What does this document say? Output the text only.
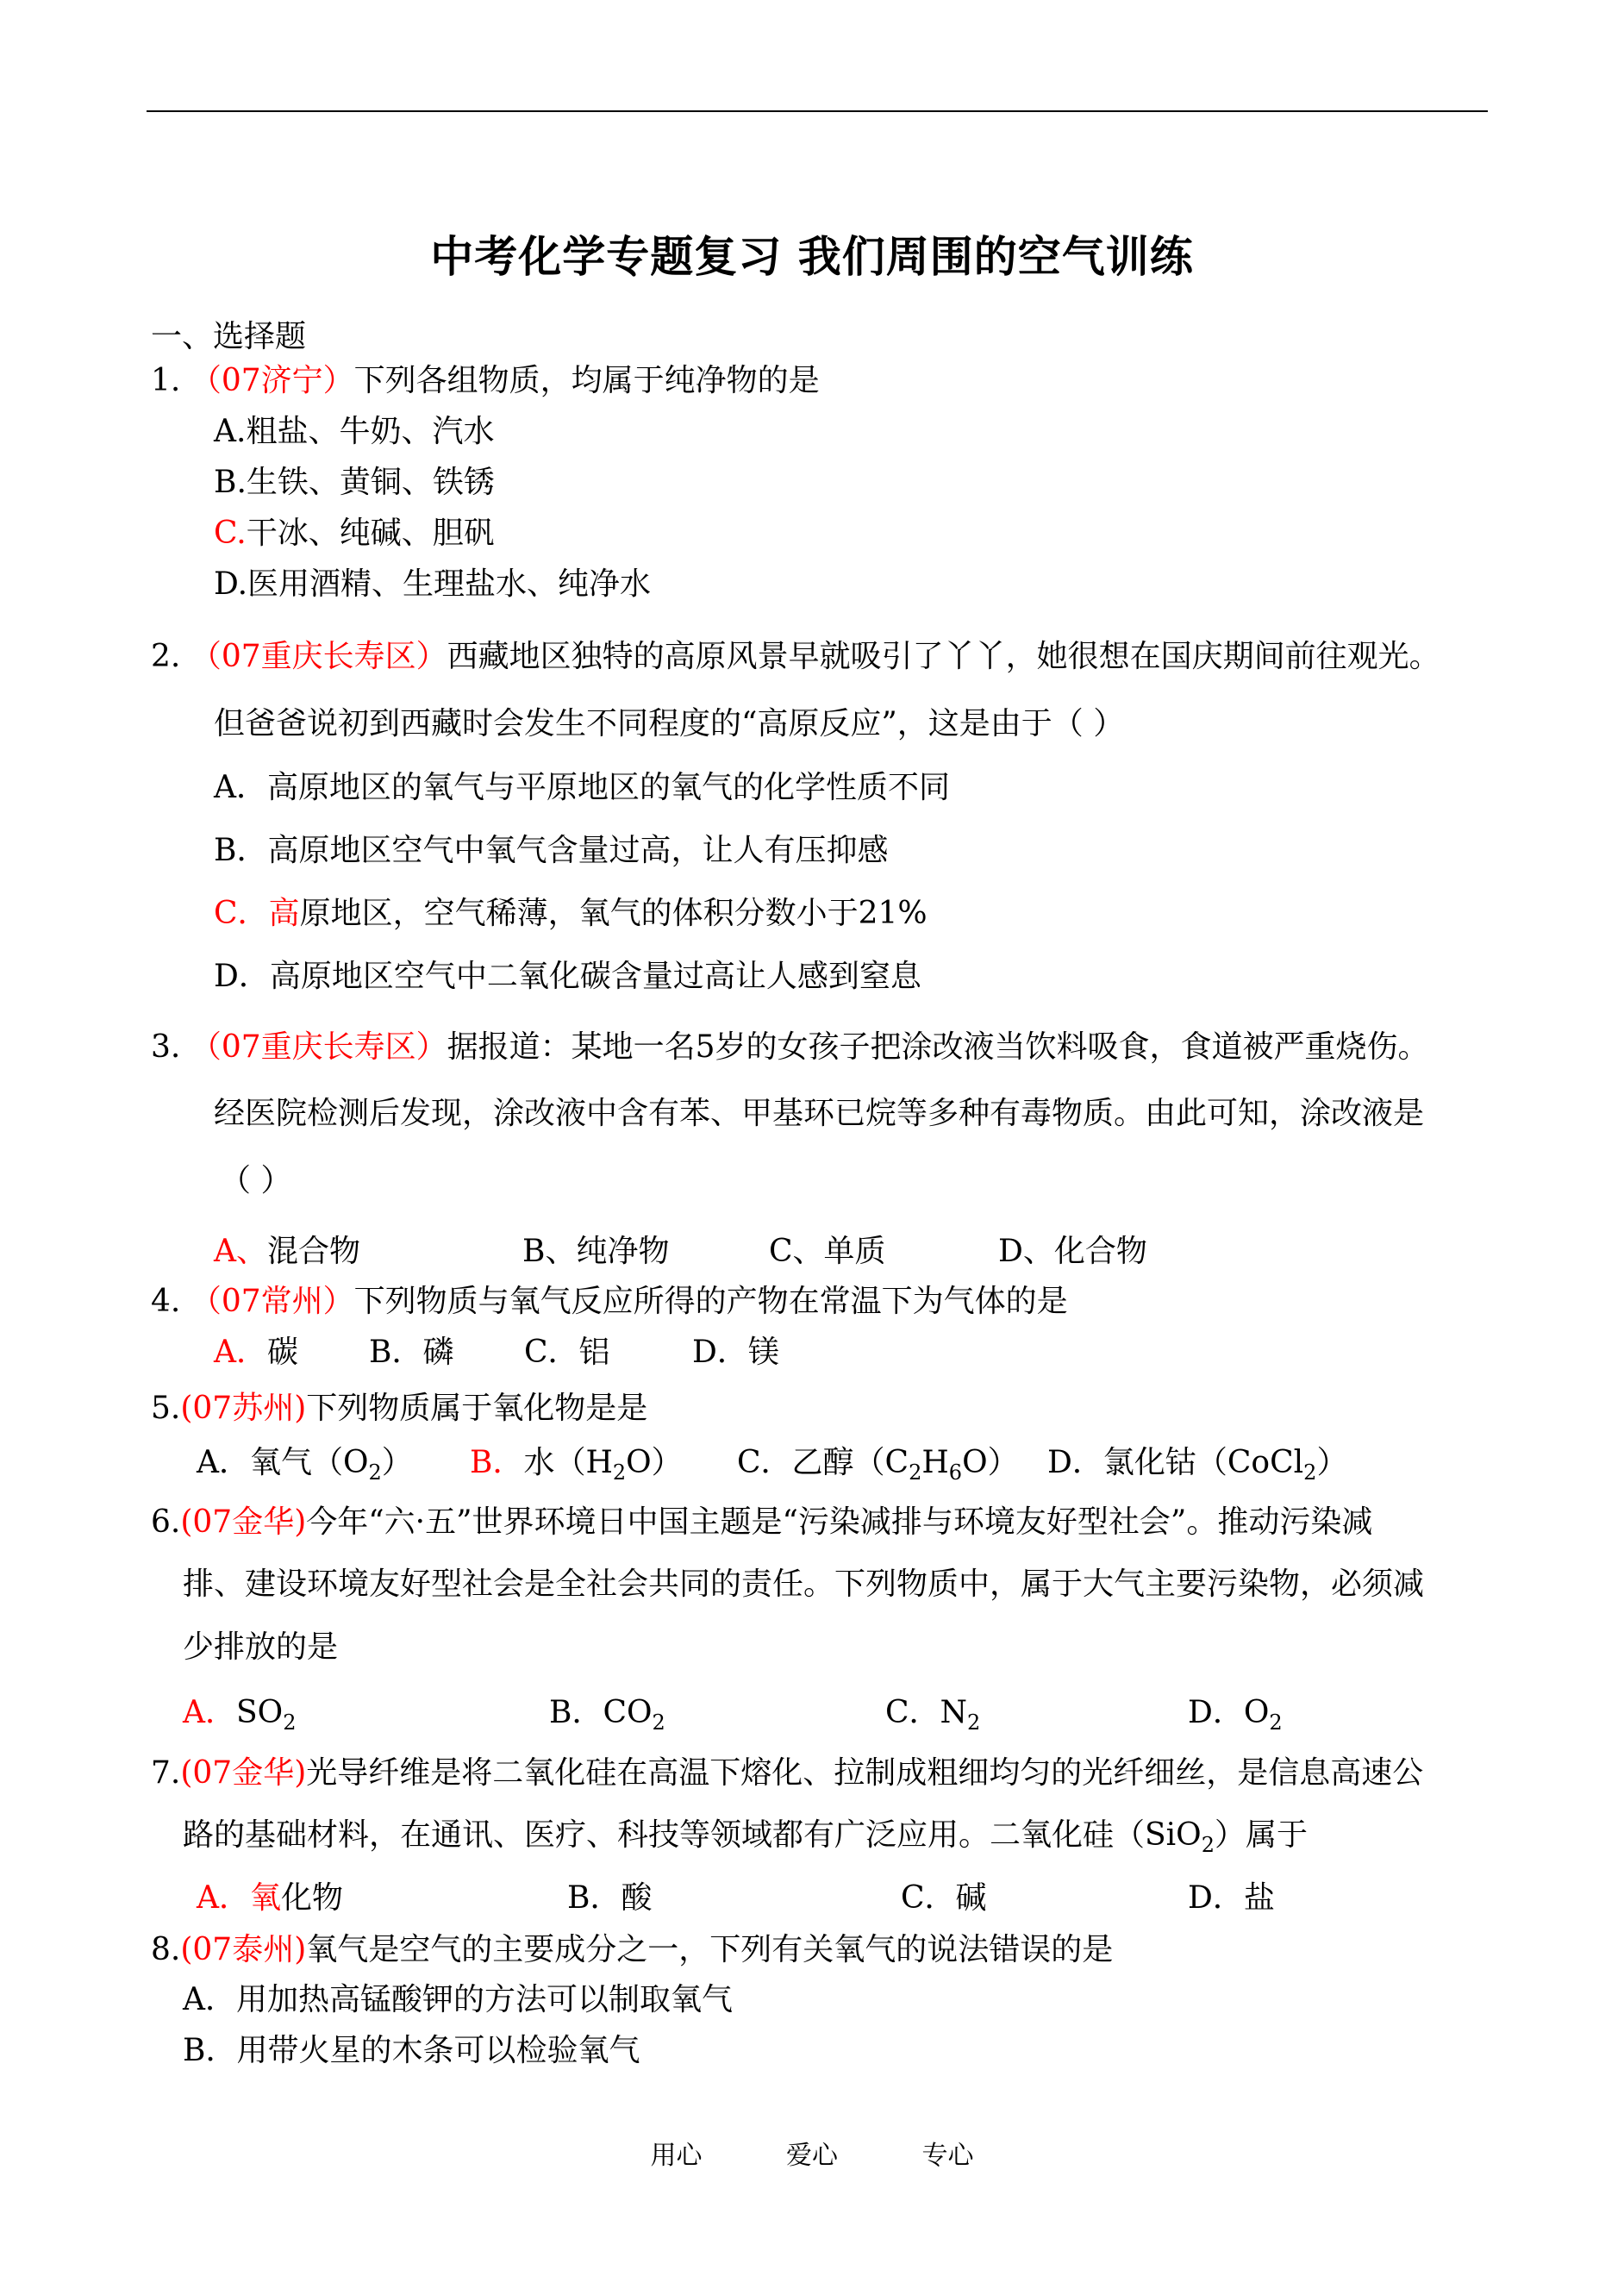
中考化学专题复习 我们周围的空气训练
一、选择题
1. （07济宁）下列各组物质，均属于纯净物的是
A.粗盐、牛奶、汽水
B.生铁、黄铜、铁锈
C.干冰、纯碱、胆矾
D.医用酒精、生理盐水、纯净水
2. （07重庆长寿区）西藏地区独特的高原风景早就吸引了丫丫，她很想在国庆期间前往观光。
但爸爸说初到西藏时会发生不同程度的“高原反应”，这是由于（ ）
A．高原地区的氧气与平原地区的氧气的化学性质不同
B．高原地区空气中氧气含量过高，让人有压抑感
C．高原地区，空气稀薄，氧气的体积分数小于21%
D．高原地区空气中二氧化碳含量过高让人感到窒息
3. （07重庆长寿区）据报道：某地一名5岁的女孩子把涂改液当饮料吸食，食道被严重烧伤。
经医院检测后发现，涂改液中含有苯、甲基环已烷等多种有毒物质。由此可知，涂改液是
（ ）
A、混合物	B、纯净物	C、单质	D、化合物
4. （07常州）下列物质与氧气反应所得的产物在常温下为气体的是
A．碳 B．磷 C．铝	D．镁
5.(07苏州)下列物质属于氧化物是是
A．氧气$(O_2)$ B．水$(H_2O)$ C．乙醇$(C_2H_6O)$ D．氯化钴（CoCl$_2$）
6.(07金华)今年“六·五”世界环境日中国主题是“污染减排与环境友好型社会”。推动污染减
排、建设环境友好型社会是全社会共同的责任。下列物质中，属于大气主要污染物，必须减
少排放的是
A．$SO_2$	B．$CO_2$	C．$N_2$	D．$O_2$
7.(07金华)光导纤维是将二氧化硅在高温下熔化、拉制成粗细均匀的光纤细丝，是信息高速公
路的基础材料，在通讯、医疗、科技等领域都有广泛应用。二氧化硅（SiO$_2$）属于
A．氧化物	B．酸	C．碱	D．盐
8.(07泰州)氧气是空气的主要成分之一，下列有关氧气的说法错误的是
A．用加热高锰酸钾的方法可以制取氧气
B．用带火星的木条可以检验氧气
用心	爱心	专心
